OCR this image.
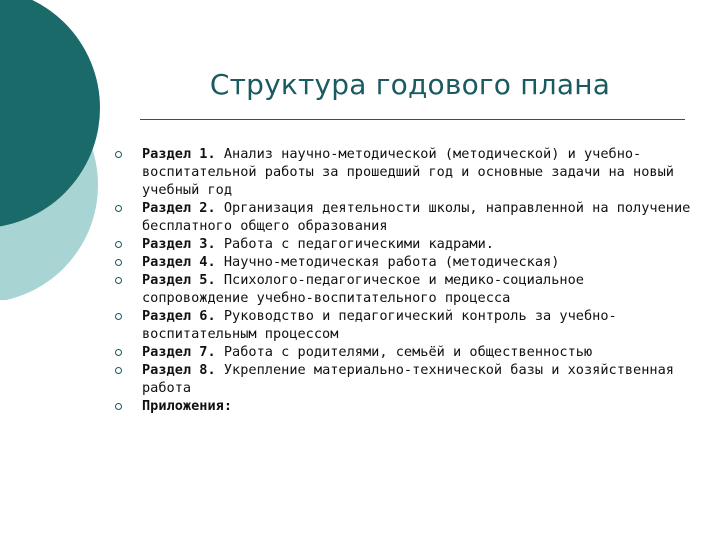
Структура годового плана
Раздел 1. Анализ научно-методической (методической) и учебно-воспитательной работы за прошедший год и основные задачи на новый учебный год
Раздел 2. Организация деятельности школы, направленной на получение бесплатного общего образования
Раздел 3. Работа с педагогическими кадрами.
Раздел 4. Научно-методическая работа (методическая)
Раздел 5. Психолого-педагогическое и медико-социальное сопровождение учебно-воспитательного процесса
Раздел 6. Руководство и педагогический контроль за учебно-воспитательным процессом
Раздел 7. Работа с родителями, семьёй и общественностью
Раздел 8. Укрепление материально-технической базы и хозяйственная работа
Приложения:
